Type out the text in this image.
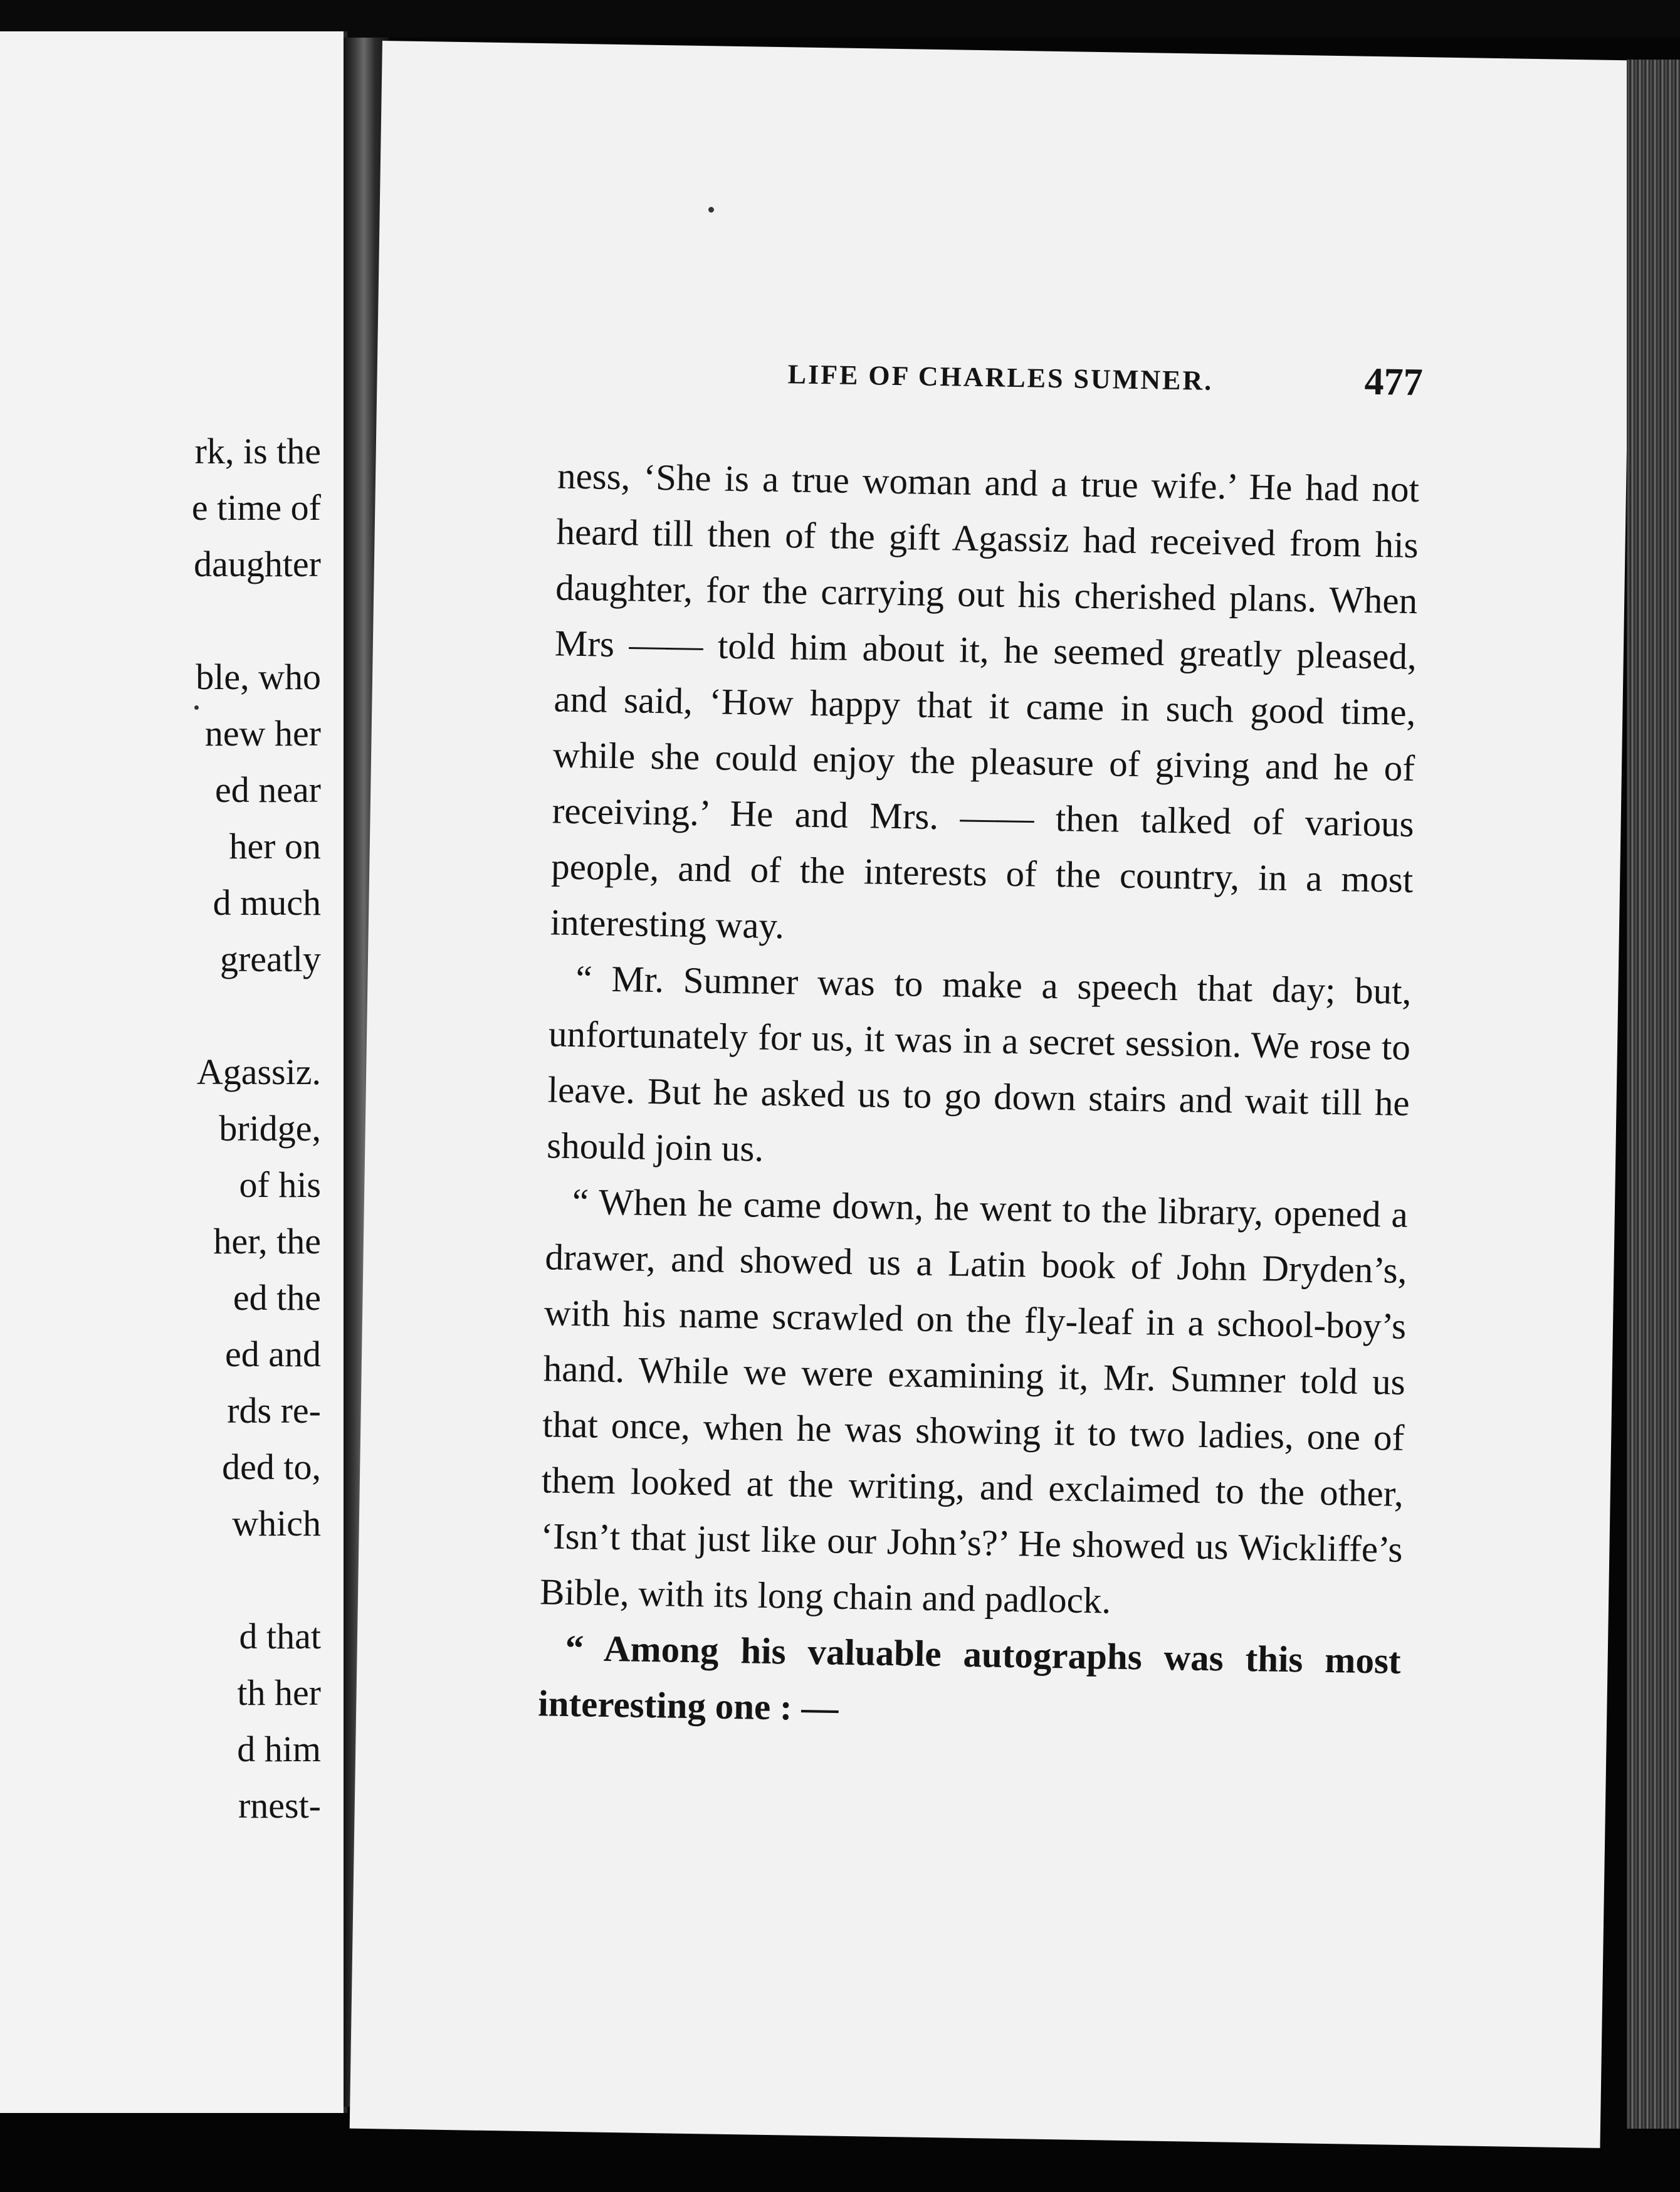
rk, is the
e time of
daughter
ble, who
new her
ed near
her on
d much
greatly
Agassiz.
bridge,
of his
her, the
ed the
ed and
rds re-
ded to,
which
d that
th her
d him
rnest-
LIFE OF CHARLES SUMNER.	477

ness, ‘She is a true woman and a true wife.’ He had not heard till then of the gift Agassiz had received from his daughter, for the carrying out his cherished plans. When Mrs —— told him about it, he seemed greatly pleased, and said, ‘How happy that it came in such good time, while she could enjoy the pleasure of giving and he of receiving.’ He and Mrs. —— then talked of various people, and of the interests of the country, in a most interesting way.

“ Mr. Sumner was to make a speech that day; but, unfortunately for us, it was in a secret session. We rose to leave. But he asked us to go down stairs and wait till he should join us.

“ When he came down, he went to the library, opened a drawer, and showed us a Latin book of John Dryden’s, with his name scrawled on the fly-leaf in a school-boy’s hand. While we were examining it, Mr. Sumner told us that once, when he was showing it to two ladies, one of them looked at the writing, and exclaimed to the other, ‘Isn’t that just like our John’s?’ He showed us Wickliffe’s Bible, with its long chain and padlock.

“ Among his valuable autographs was this most interesting one : —
